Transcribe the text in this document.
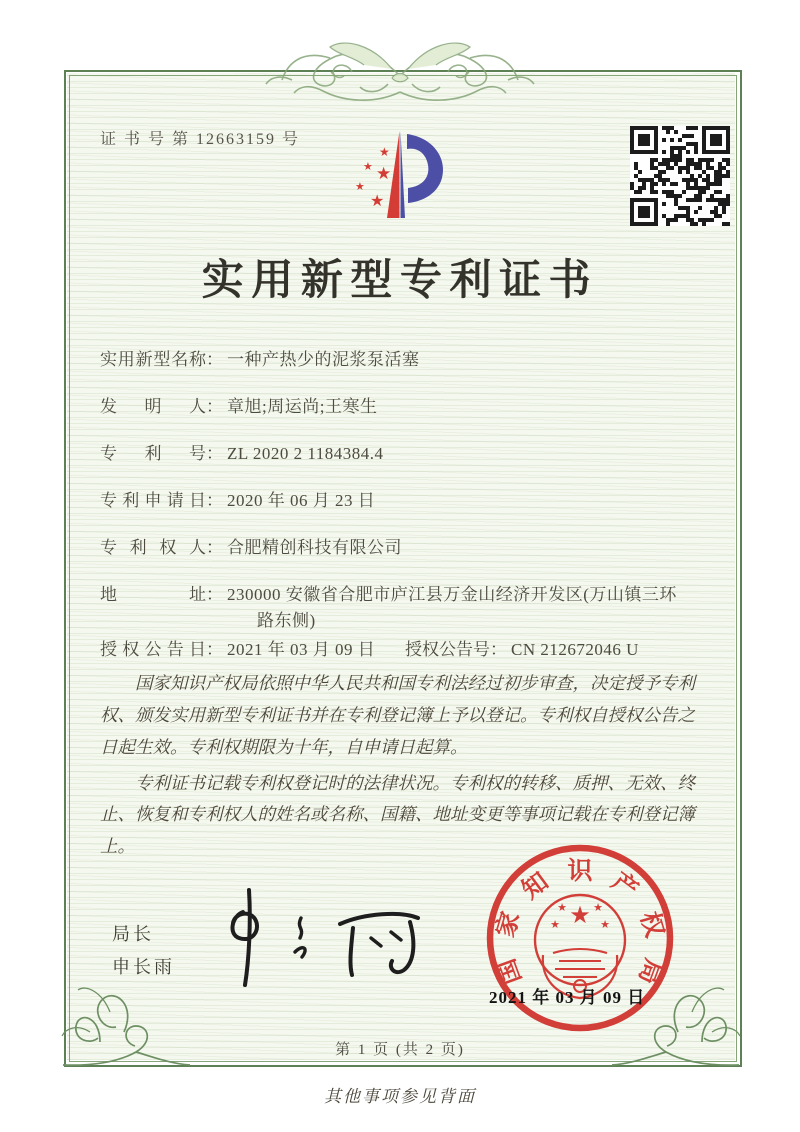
证 书 号 第 12663159 号
★
★ ★
★
★
实用新型专利证书
实用新型名称： 一种产热少的泥浆泵活塞
发明人： 章旭;周运尚;王寒生
专利号： ZL 2020 2 1184384.4
专利申请日： 2020 年 06 月 23 日
专利权人： 合肥精创科技有限公司
地址： 230000 安徽省合肥市庐江县万金山经济开发区(万山镇三环路东侧)
授权公告日： 2021 年 03 月 09 日 授权公告号： CN 212672046 U

国家知识产权局依照中华人民共和国专利法经过初步审查，决定授予专利权、颁发实用新型专利证书并在专利登记簿上予以登记。专利权自授权公告之日起生效。专利权期限为十年，自申请日起算。

专利证书记载专利权登记时的法律状况。专利权的转移、质押、无效、终止、恢复和专利权人的姓名或名称、国籍、地址变更等事项记载在专利登记簿上。

局长
申长雨
★
★ ★
★	★
国
家
知 识 产
权
局
2021 年 03 月 09 日
第 1 页 (共 2 页)
其他事项参见背面
